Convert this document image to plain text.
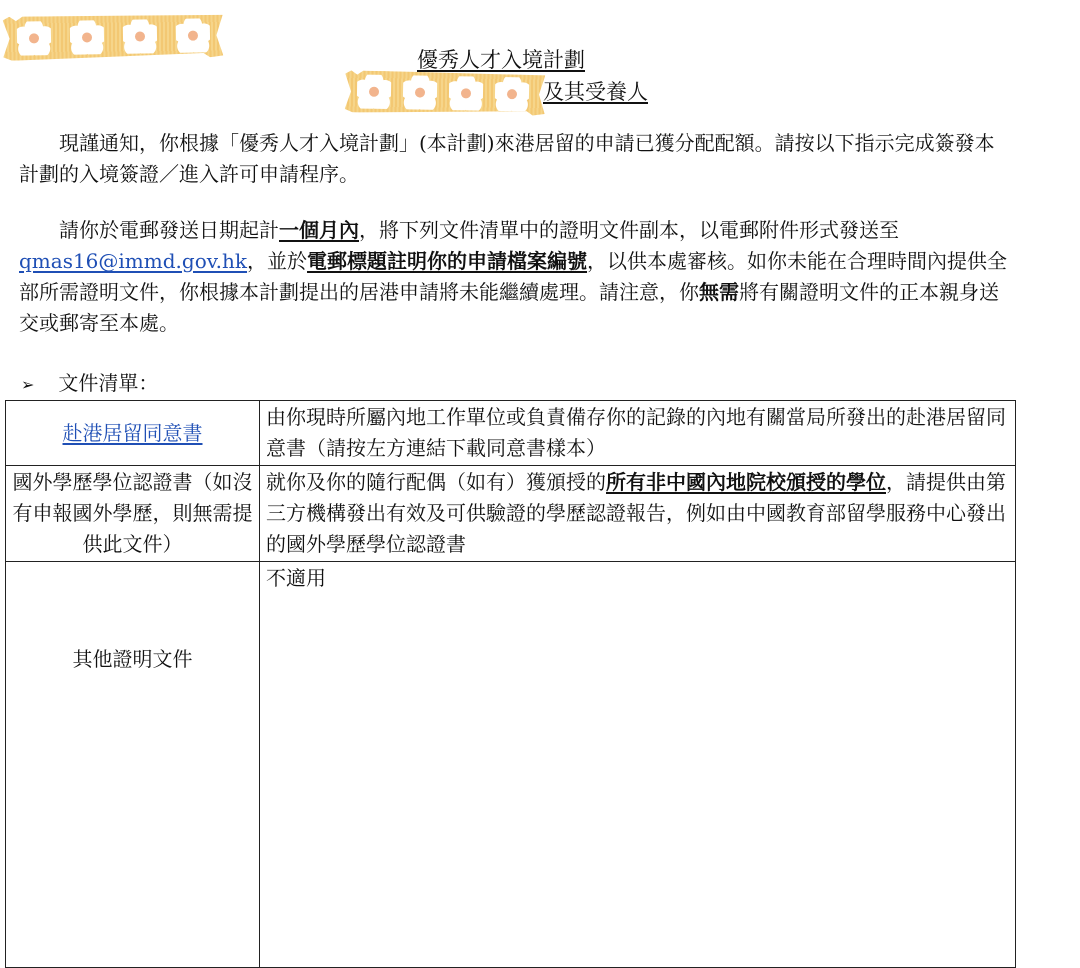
優秀人才入境計劃
及其受養人

　　現謹通知，你根據「優秀人才入境計劃」(本計劃)來港居留的申請已獲分配配額。請按以下指示完成簽發本計劃的入境簽證／進入許可申請程序。

　　請你於電郵發送日期起計一個月內，將下列文件清單中的證明文件副本，以電郵附件形式發送至 qmas16@immd.gov.hk，並於電郵標題註明你的申請檔案編號，以供本處審核。如你未能在合理時間內提供全部所需證明文件，你根據本計劃提出的居港申請將未能繼續處理。請注意，你無需將有關證明文件的正本親身送交或郵寄至本處。

➢ 文件清單：
赴港居留同意書	由你現時所屬內地工作單位或負責備存你的記錄的內地有關當局所發出的赴港居留同意書（請按左方連結下載同意書樣本）
國外學歷學位認證書（如沒有申報國外學歷，則無需提供此文件）	就你及你的隨行配偶（如有）獲頒授的所有非中國內地院校頒授的學位，請提供由第三方機構發出有效及可供驗證的學歷認證報告，例如由中國教育部留學服務中心發出的國外學歷學位認證書
其他證明文件	不適用
